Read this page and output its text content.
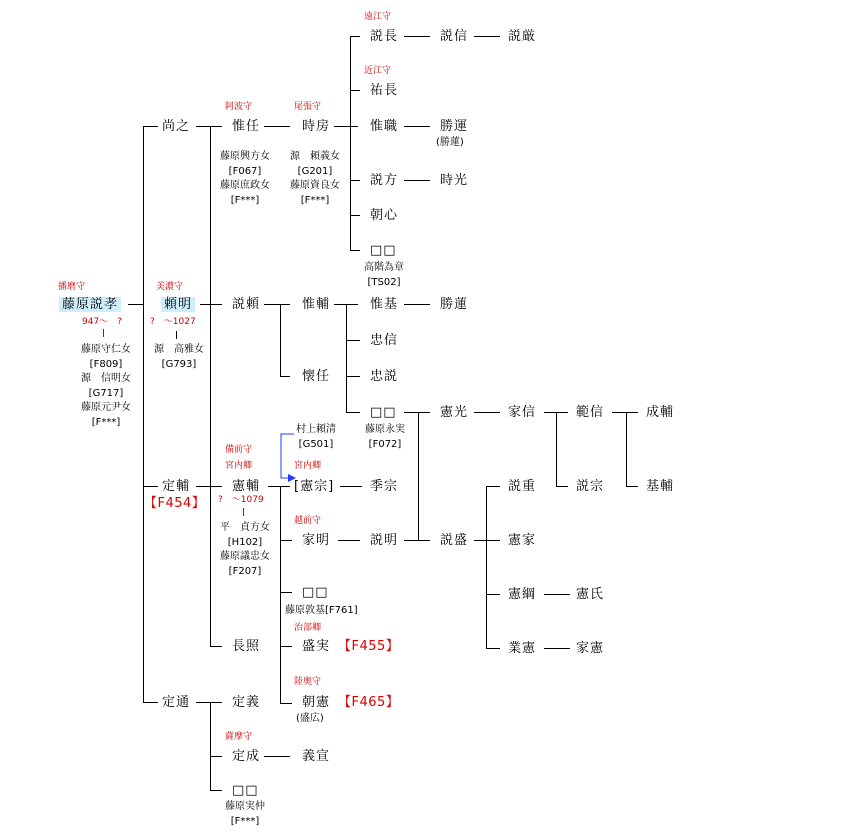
播磨守
藤原説孝
947～　?
藤原守仁女
[F809]
源　信明女
[G717]
藤原元尹女
[F***]
尚之
美濃守
頼明
?　～1027
源　高雅女
[G793]
定輔
【F454】
定通
阿波守
惟任
藤原興方女
[F067]
藤原庶政女
[F***]
説頼
備前守
宮内卿
憲輔
?　～1079
平　貞方女
[H102]
藤原議忠女
[F207]
長照
定義
薩摩守
定成
□□
藤原実仲
[F***]
尾張守
時房
源　頼義女
[G201]
藤原資良女
[F***]
惟輔
懐任
村上頼清
[G501]
宮内卿
[憲宗]
越前守
家明
□□
藤原敦基[F761]
治部卿
盛実 【F455】
陸奥守
朝憲 【F465】
(盛広)
義宣
遠江守
説長
近江守
祐長
惟職
説方
朝心
□□
高階為章
[TS02]
惟基
忠信
忠説
□□
藤原永実
[F072]
季宗
説明
説信
勝運
(勝蓮)
時光
勝蓮
憲光
説盛
説厳
家信
説重
憲家
憲綱
業憲
範信
説宗
憲氏
家憲
成輔
基輔
